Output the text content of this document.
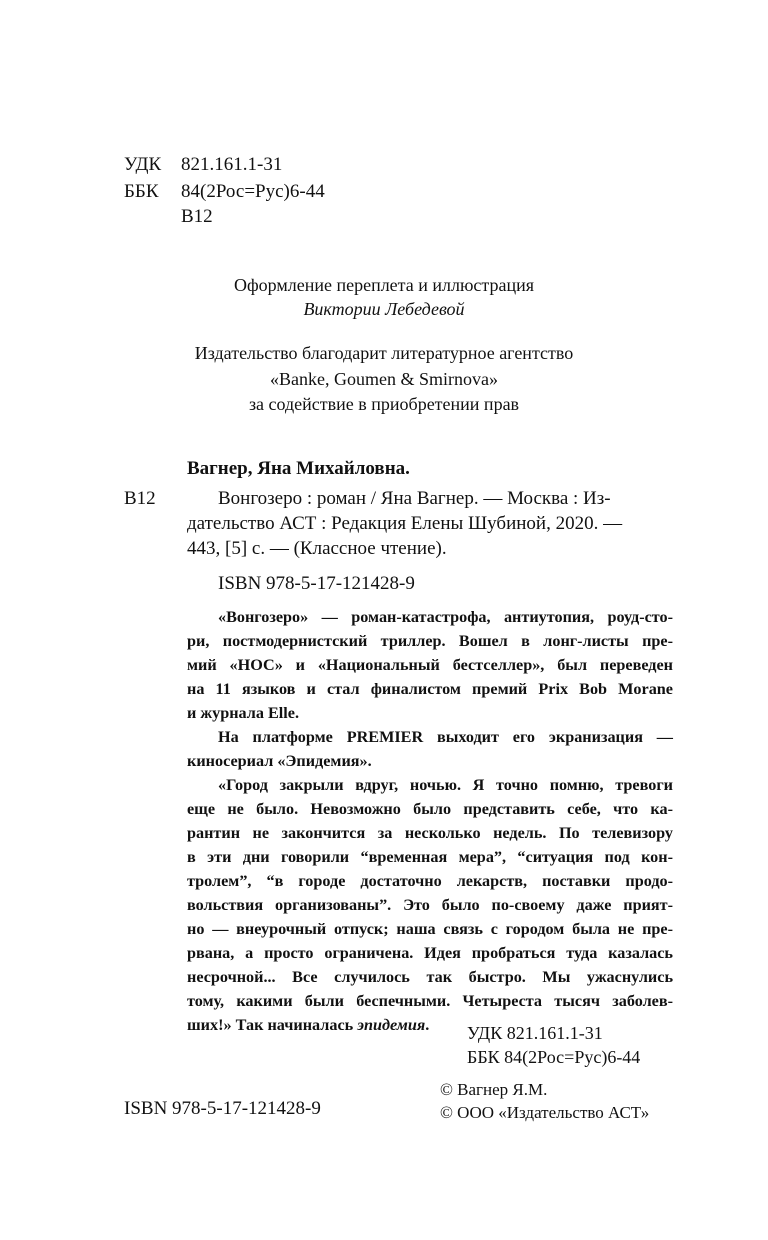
УДК 821.161.1-31
ББК 84(2Рос=Рус)6-44
В12
Оформление переплета и иллюстрация
Виктории Лебедевой
Издательство благодарит литературное агентство
«Banke, Goumen & Smirnova»
за содействие в приобретении прав
Вагнер, Яна Михайловна.
В12	Вонгозеро : роман / Яна Вагнер. — Москва : Из-
дательство АСТ : Редакция Елены Шубиной, 2020. —
443, [5] с. — (Классное чтение).
ISBN 978-5-17-121428-9
«Вонгозеро» — роман-катастрофа, антиутопия, роуд-сто-
ри, постмодернистский триллер. Вошел в лонг-листы пре-
мий «НОС» и «Национальный бестселлер», был переведен
на 11 языков и стал финалистом премий Prix Bob Morane
и журнала Elle.
На платформе PREMIER выходит его экранизация —
киносериал «Эпидемия».
«Город закрыли вдруг, ночью. Я точно помню, тревоги
еще не было. Невозможно было представить себе, что ка-
рантин не закончится за несколько недель. По телевизору
в эти дни говорили “временная мера”, “ситуация под кон-
тролем”, “в городе достаточно лекарств, поставки продо-
вольствия организованы”. Это было по-своему даже прият-
но — внеурочный отпуск; наша связь с городом была не пре-
рвана, а просто ограничена. Идея пробраться туда казалась
несрочной... Все случилось так быстро. Мы ужаснулись
тому, какими были беспечными. Четыреста тысяч заболев-
ших!» Так начиналась эпидемия.	УДК 821.161.1-31
ББК 84(2Рос=Рус)6-44
© Вагнер Я.М.
© ООО «Издательство АСТ»
ISBN 978-5-17-121428-9
